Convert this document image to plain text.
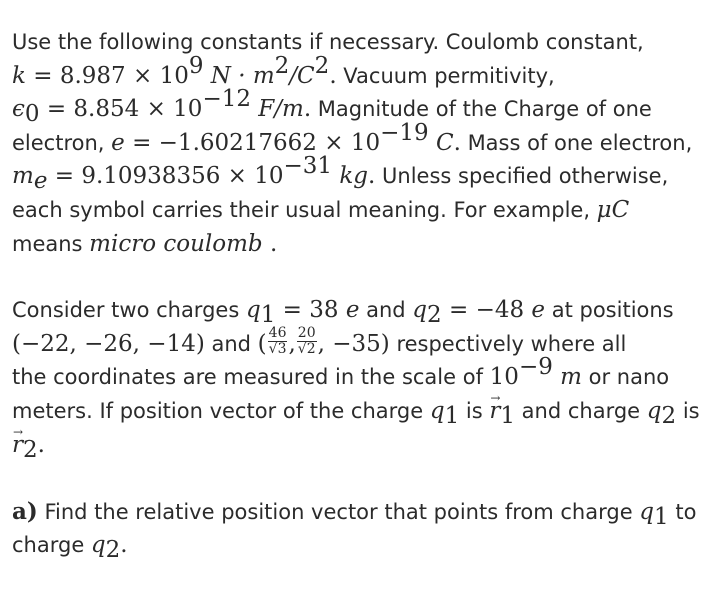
Use the following constants if necessary. Coulomb constant,
$k = 8.987 \times 10^9$ $N \cdot m^2/C^2$. Vacuum permitivity,
$\epsilon_0 = 8.854 \times 10^{-12}$ F/m. Magnitude of the Charge of one
electron, $e = -1.60217662 \times 10^{-19}$ C. Mass of one electron,
$m_e = 9.10938356 \times 10^{-31}$ kg. Unless specified otherwise,
each symbol carries their usual meaning. For example, μC
means micro coulomb .
Consider two charges $q_1 = 38$ e and $q_2 = -48$ e at positions
(−22, −26, −14) and ( $\frac{46}{√3}$ , $\frac{20}{√2}$ , −35) respectively where all
the coordinates are measured in the scale of $10^{-9}$ m or nano
meters. If position vector of the charge $q_1$ is → $r_1$ and charge $q_2$ is
→ $r_2$.
a) Find the relative position vector that points from charge $q_1$ to
charge $q_2$.
